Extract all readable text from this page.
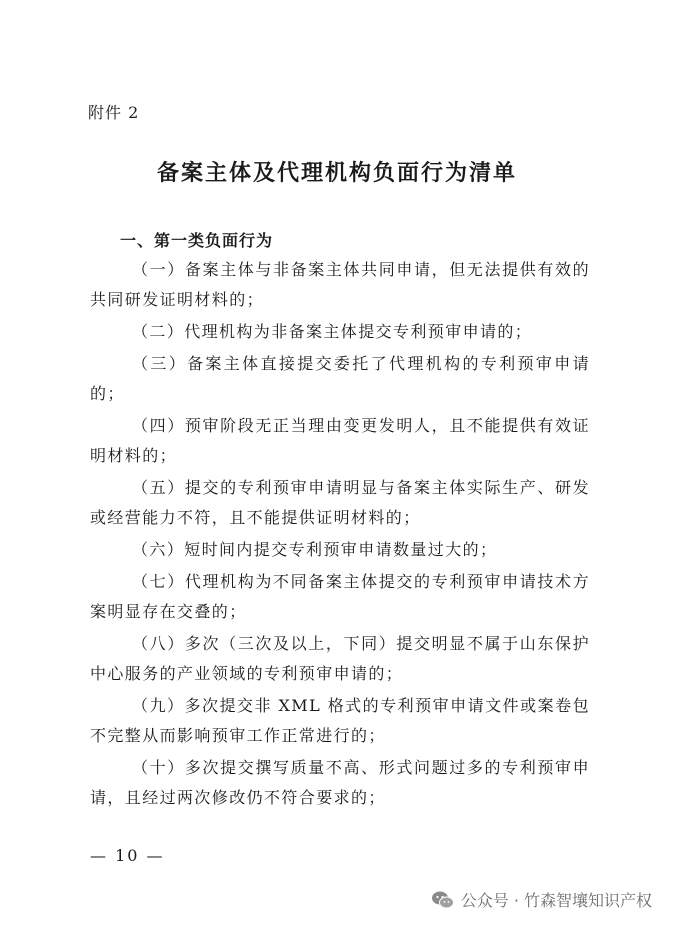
附件 2
备案主体及代理机构负面行为清单
一、第一类负面行为
（一）备案主体与非备案主体共同申请，但无法提供有效的共同研发证明材料的；
（二）代理机构为非备案主体提交专利预审申请的；
（三）备案主体直接提交委托了代理机构的专利预审申请的；
（四）预审阶段无正当理由变更发明人，且不能提供有效证明材料的；
（五）提交的专利预审申请明显与备案主体实际生产、研发或经营能力不符，且不能提供证明材料的；
（六）短时间内提交专利预审申请数量过大的；
（七）代理机构为不同备案主体提交的专利预审申请技术方案明显存在交叠的；
（八）多次（三次及以上，下同）提交明显不属于山东保护中心服务的产业领域的专利预审申请的；
（九）多次提交非 XML 格式的专利预审申请文件或案卷包不完整从而影响预审工作正常进行的；
（十）多次提交撰写质量不高、形式问题过多的专利预审申请，且经过两次修改仍不符合要求的；
— 10 —
公众号 · 竹森智壤知识产权
